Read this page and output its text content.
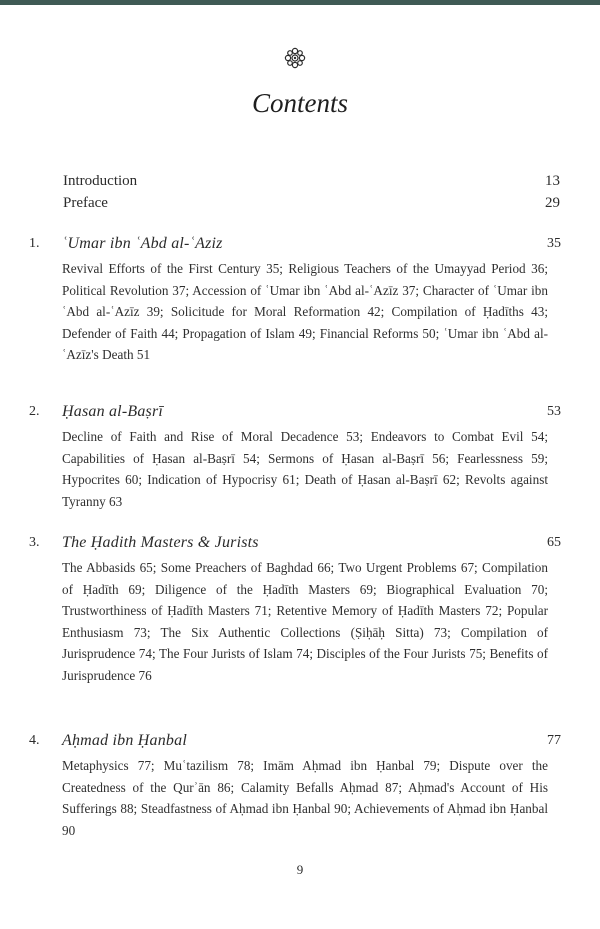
Contents
Introduction	13
Preface	29
1. ʿUmar ibn ʿAbd al-ʿAziz	35
Revival Efforts of the First Century 35; Religious Teachers of the Umayyad Period 36; Political Revolution 37; Accession of ʿUmar ibn ʿAbd al-ʿAzīz 37; Character of ʿUmar ibn ʿAbd al-ʿAzīz 39; Solicitude for Moral Reformation 42; Compilation of Ḥadīths 43; Defender of Faith 44; Propagation of Islam 49; Financial Reforms 50; ʿUmar ibn ʿAbd al-ʿAzīz's Death 51
2. Ḥasan al-Baṣrī	53
Decline of Faith and Rise of Moral Decadence 53; Endeavors to Combat Evil 54; Capabilities of Ḥasan al-Baṣrī 54; Sermons of Ḥasan al-Baṣrī 56; Fearlessness 59; Hypocrites 60; Indication of Hypocrisy 61; Death of Ḥasan al-Baṣrī 62; Revolts against Tyranny 63
3. The Ḥadith Masters & Jurists	65
The Abbasids 65; Some Preachers of Baghdad 66; Two Urgent Problems 67; Compilation of Ḥadīth 69; Diligence of the Ḥadīth Masters 69; Biographical Evaluation 70; Trustworthiness of Ḥadīth Masters 71; Retentive Memory of Ḥadīth Masters 72; Popular Enthusiasm 73; The Six Authentic Collections (Ṣiḥāḥ Sitta) 73; Compilation of Jurisprudence 74; The Four Jurists of Islam 74; Disciples of the Four Jurists 75; Benefits of Jurisprudence 76
4. Aḥmad ibn Ḥanbal	77
Metaphysics 77; Muʿtazilism 78; Imām Aḥmad ibn Ḥanbal 79; Dispute over the Createdness of the Qurʾān 86; Calamity Befalls Aḥmad 87; Aḥmad's Account of His Sufferings 88; Steadfastness of Aḥmad ibn Ḥanbal 90; Achievements of Aḥmad ibn Ḥanbal 90
9
